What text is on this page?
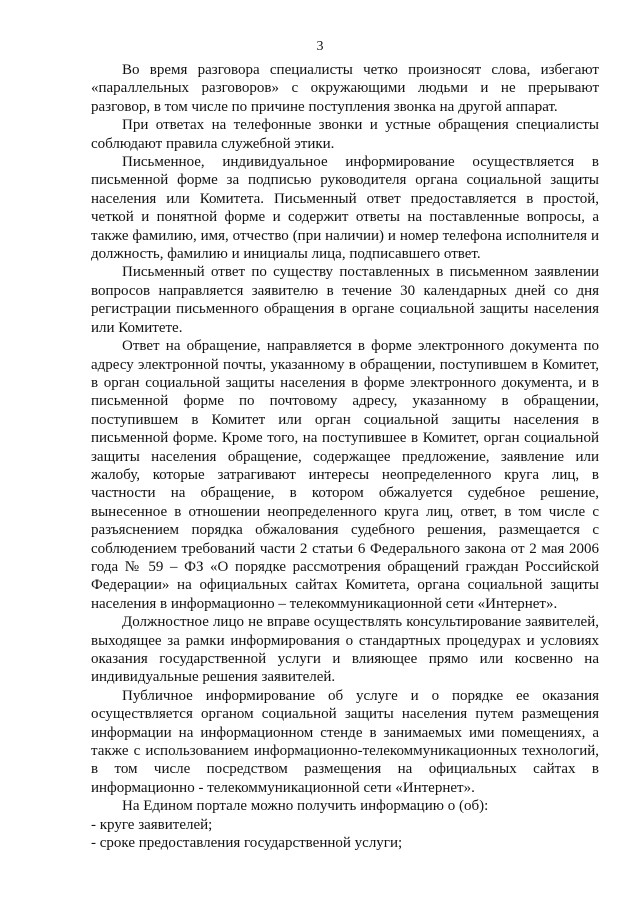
3

Во время разговора специалисты четко произносят слова, избегают «параллельных разговоров» с окружающими людьми и не прерывают разговор, в том числе по причине поступления звонка на другой аппарат.

При ответах на телефонные звонки и устные обращения специалисты соблюдают правила служебной этики.

Письменное, индивидуальное информирование осуществляется в письменной форме за подписью руководителя органа социальной защиты населения или Комитета. Письменный ответ предоставляется в простой, четкой и понятной форме и содержит ответы на поставленные вопросы, а также фамилию, имя, отчество (при наличии) и номер телефона исполнителя и должность, фамилию и инициалы лица, подписавшего ответ.

Письменный ответ по существу поставленных в письменном заявлении вопросов направляется заявителю в течение 30 календарных дней со дня регистрации письменного обращения в органе социальной защиты населения или Комитете.

Ответ на обращение, направляется в форме электронного документа по адресу электронной почты, указанному в обращении, поступившем в Комитет, в орган социальной защиты населения в форме электронного документа, и в письменной форме по почтовому адресу, указанному в обращении, поступившем в Комитет или орган социальной защиты населения в письменной форме. Кроме того, на поступившее в Комитет, орган социальной защиты населения обращение, содержащее предложение, заявление или жалобу, которые затрагивают интересы неопределенного круга лиц, в частности на обращение, в котором обжалуется судебное решение, вынесенное в отношении неопределенного круга лиц, ответ, в том числе с разъяснением порядка обжалования судебного решения, размещается с соблюдением требований части 2 статьи 6 Федерального закона от 2 мая 2006 года № 59 – ФЗ «О порядке рассмотрения обращений граждан Российской Федерации» на официальных сайтах Комитета, органа социальной защиты населения в информационно – телекоммуникационной сети «Интернет».

Должностное лицо не вправе осуществлять консультирование заявителей, выходящее за рамки информирования о стандартных процедурах и условиях оказания государственной услуги и влияющее прямо или косвенно на индивидуальные решения заявителей.

Публичное информирование об услуге и о порядке ее оказания осуществляется органом социальной защиты населения путем размещения информации на информационном стенде в занимаемых ими помещениях, а также с использованием информационно-телекоммуникационных технологий, в том числе посредством размещения на официальных сайтах в информационно - телекоммуникационной сети «Интернет».

На Едином портале можно получить информацию о (об):

- круге заявителей;

- сроке предоставления государственной услуги;
